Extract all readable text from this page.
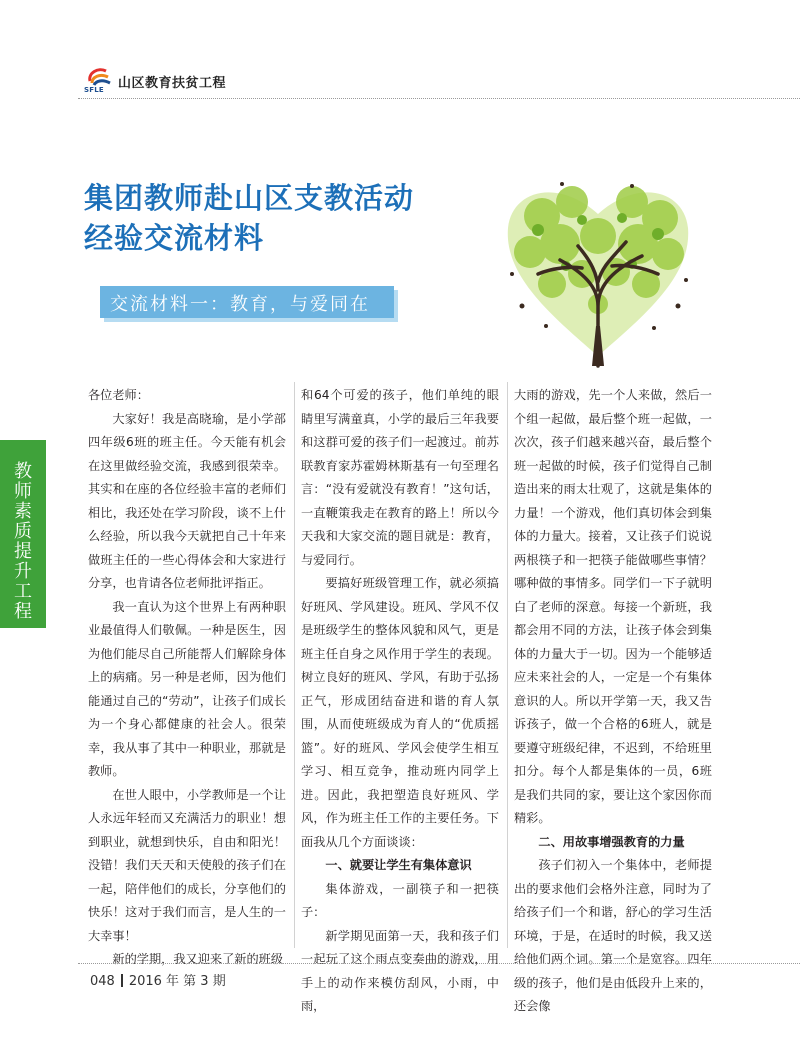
SFLE 山区教育扶贫工程
集团教师赴山区支教活动
经验交流材料
交流材料一：教育，与爱同在
教师素质提升工程

各位老师：

大家好！我是高晓瑜，是小学部四年级6班的班主任。今天能有机会在这里做经验交流，我感到很荣幸。其实和在座的各位经验丰富的老师们相比，我还处在学习阶段，谈不上什么经验，所以我今天就把自己十年来做班主任的一些心得体会和大家进行分享，也肯请各位老师批评指正。

我一直认为这个世界上有两种职业最值得人们敬佩。一种是医生，因为他们能尽自己所能帮人们解除身体上的病痛。另一种是老师，因为他们能通过自己的“劳动”，让孩子们成长为一个身心都健康的社会人。很荣幸，我从事了其中一种职业，那就是教师。

在世人眼中，小学教师是一个让人永远年轻而又充满活力的职业！想到职业，就想到快乐，自由和阳光！没错！我们天天和天使般的孩子们在一起，陪伴他们的成长，分享他们的快乐！这对于我们而言，是人生的一大幸事！

新的学期，我又迎来了新的班级

和64个可爱的孩子，他们单纯的眼睛里写满童真，小学的最后三年我要和这群可爱的孩子们一起渡过。前苏联教育家苏霍姆林斯基有一句至理名言：“没有爱就没有教育！”这句话，一直鞭策我走在教育的路上！所以今天我和大家交流的题目就是：教育，与爱同行。

要搞好班级管理工作，就必须搞好班风、学风建设。班风、学风不仅是班级学生的整体风貌和风气，更是班主任自身之风作用于学生的表现。树立良好的班风、学风，有助于弘扬正气，形成团结奋进和谐的育人氛围，从而使班级成为育人的“优质摇篮”。好的班风、学风会使学生相互学习、相互竞争，推动班内同学上进。因此，我把塑造良好班风、学风，作为班主任工作的主要任务。下面我从几个方面谈谈：

一、就要让学生有集体意识

集体游戏，一副筷子和一把筷子：

新学期见面第一天，我和孩子们一起玩了这个雨点变奏曲的游戏，用手上的动作来模仿刮风，小雨，中雨，

大雨的游戏，先一个人来做，然后一个组一起做，最后整个班一起做，一次次，孩子们越来越兴奋，最后整个班一起做的时候，孩子们觉得自己制造出来的雨太壮观了，这就是集体的力量！一个游戏，他们真切体会到集体的力量大。接着，又让孩子们说说两根筷子和一把筷子能做哪些事情？哪种做的事情多。同学们一下子就明白了老师的深意。每接一个新班，我都会用不同的方法，让孩子体会到集体的力量大于一切。因为一个能够适应未来社会的人，一定是一个有集体意识的人。所以开学第一天，我又告诉孩子，做一个合格的6班人，就是要遵守班级纪律，不迟到，不给班里扣分。每个人都是集体的一员，6班是我们共同的家，要让这个家因你而精彩。

二、用故事增强教育的力量

孩子们初入一个集体中，老师提出的要求他们会格外注意，同时为了给孩子们一个和谐，舒心的学习生活环境，于是，在适时的时候，我又送给他们两个词。第一个是宽容。四年级的孩子，他们是由低段升上来的，还会像

048 2016 年 第 3 期
